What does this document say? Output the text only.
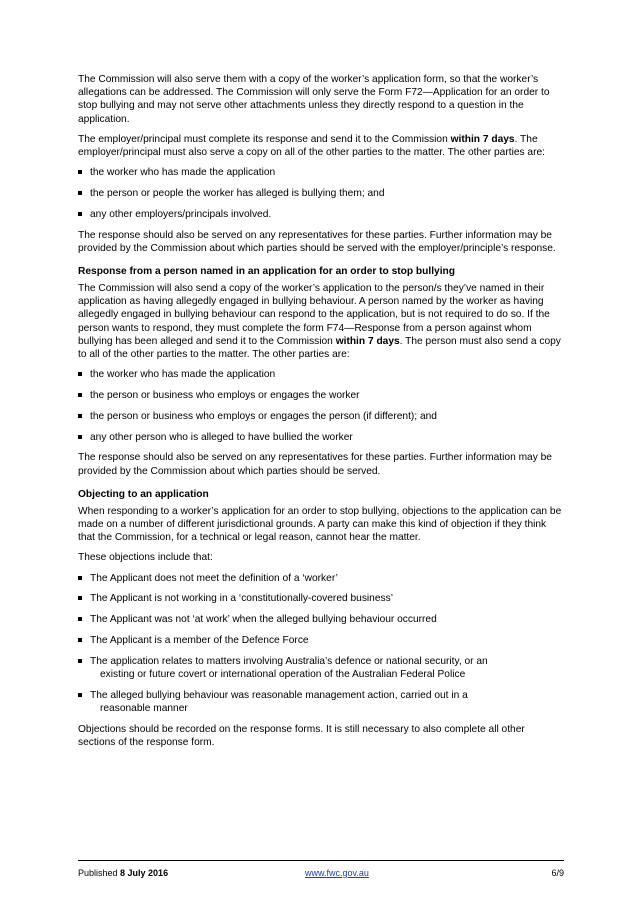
The Commission will also serve them with a copy of the worker’s application form, so that the worker’s allegations can be addressed. The Commission will only serve the Form F72—Application for an order to stop bullying and may not serve other attachments unless they directly respond to a question in the application.

The employer/principal must complete its response and send it to the Commission within 7 days. The employer/principal must also serve a copy on all of the other parties to the matter. The other parties are:

the worker who has made the application
the person or people the worker has alleged is bullying them; and
any other employers/principals involved.

The response should also be served on any representatives for these parties. Further information may be provided by the Commission about which parties should be served with the employer/principle’s response.

Response from a person named in an application for an order to stop bullying

The Commission will also send a copy of the worker’s application to the person/s they’ve named in their application as having allegedly engaged in bullying behaviour. A person named by the worker as having allegedly engaged in bullying behaviour can respond to the application, but is not required to do so. If the person wants to respond, they must complete the form F74—Response from a person against whom bullying has been alleged and send it to the Commission within 7 days. The person must also send a copy to all of the other parties to the matter. The other parties are:

the worker who has made the application
the person or business who employs or engages the worker
the person or business who employs or engages the person (if different); and
any other person who is alleged to have bullied the worker

The response should also be served on any representatives for these parties. Further information may be provided by the Commission about which parties should be served.

Objecting to an application

When responding to a worker’s application for an order to stop bullying, objections to the application can be made on a number of different jurisdictional grounds. A party can make this kind of objection if they think that the Commission, for a technical or legal reason, cannot hear the matter.

These objections include that:

The Applicant does not meet the definition of a ‘worker’
The Applicant is not working in a ‘constitutionally-covered business’
The Applicant was not ‘at work’ when the alleged bullying behaviour occurred
The Applicant is a member of the Defence Force
The application relates to matters involving Australia’s defence or national security, or an
existing or future covert or international operation of the Australian Federal Police
The alleged bullying behaviour was reasonable management action, carried out in a
reasonable manner

Objections should be recorded on the response forms. It is still necessary to also complete all other sections of the response form.

Published 8 July 2016	www.fwc.gov.au	6/9
